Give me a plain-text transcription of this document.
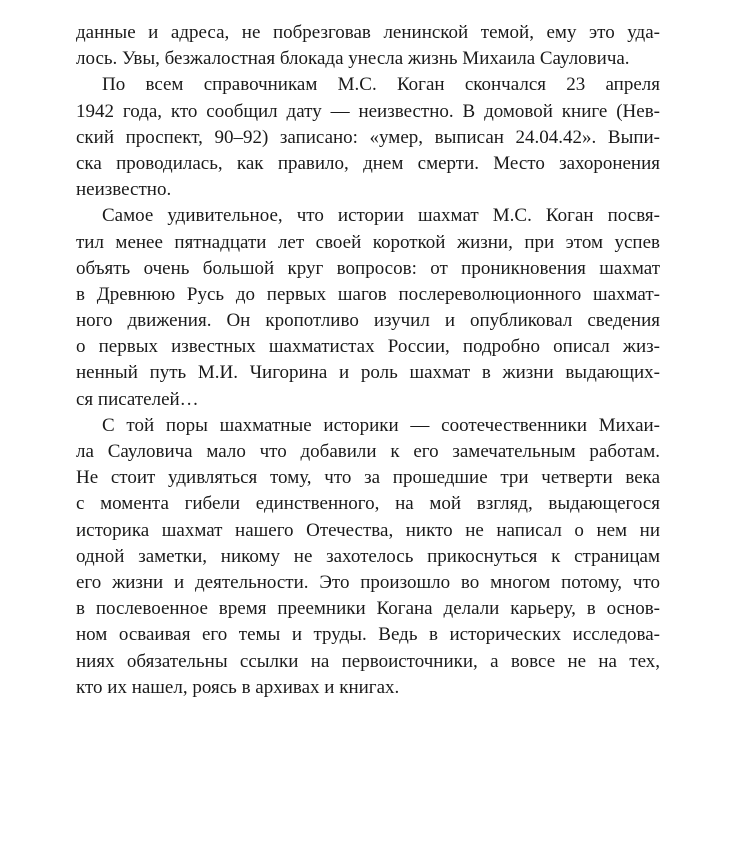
данные и адреса, не побрезговав ленинской темой, ему это уда-
лось. Увы, безжалостная блокада унесла жизнь Михаила Сауловича.
По всем справочникам М.С. Коган скончался 23 апреля
1942 года, кто сообщил дату — неизвестно. В домовой книге (Нев-
ский проспект, 90–92) записано: «умер, выписан 24.04.42». Выпи-
ска проводилась, как правило, днем смерти. Место захоронения
неизвестно.
Самое удивительное, что истории шахмат М.С. Коган посвя-
тил менее пятнадцати лет своей короткой жизни, при этом успев
объять очень большой круг вопросов: от проникновения шахмат
в Древнюю Русь до первых шагов послереволюционного шахмат-
ного движения. Он кропотливо изучил и опубликовал сведения
о первых известных шахматистах России, подробно описал жиз-
ненный путь М.И. Чигорина и роль шахмат в жизни выдающих-
ся писателей…
С той поры шахматные историки — соотечественники Михаи-
ла Сауловича мало что добавили к его замечательным работам.
Не стоит удивляться тому, что за прошедшие три четверти века
с момента гибели единственного, на мой взгляд, выдающегося
историка шахмат нашего Отечества, никто не написал о нем ни
одной заметки, никому не захотелось прикоснуться к страницам
его жизни и деятельности. Это произошло во многом потому, что
в послевоенное время преемники Когана делали карьеру, в основ-
ном осваивая его темы и труды. Ведь в исторических исследова-
ниях обязательны ссылки на первоисточники, а вовсе не на тех,
кто их нашел, роясь в архивах и книгах.
